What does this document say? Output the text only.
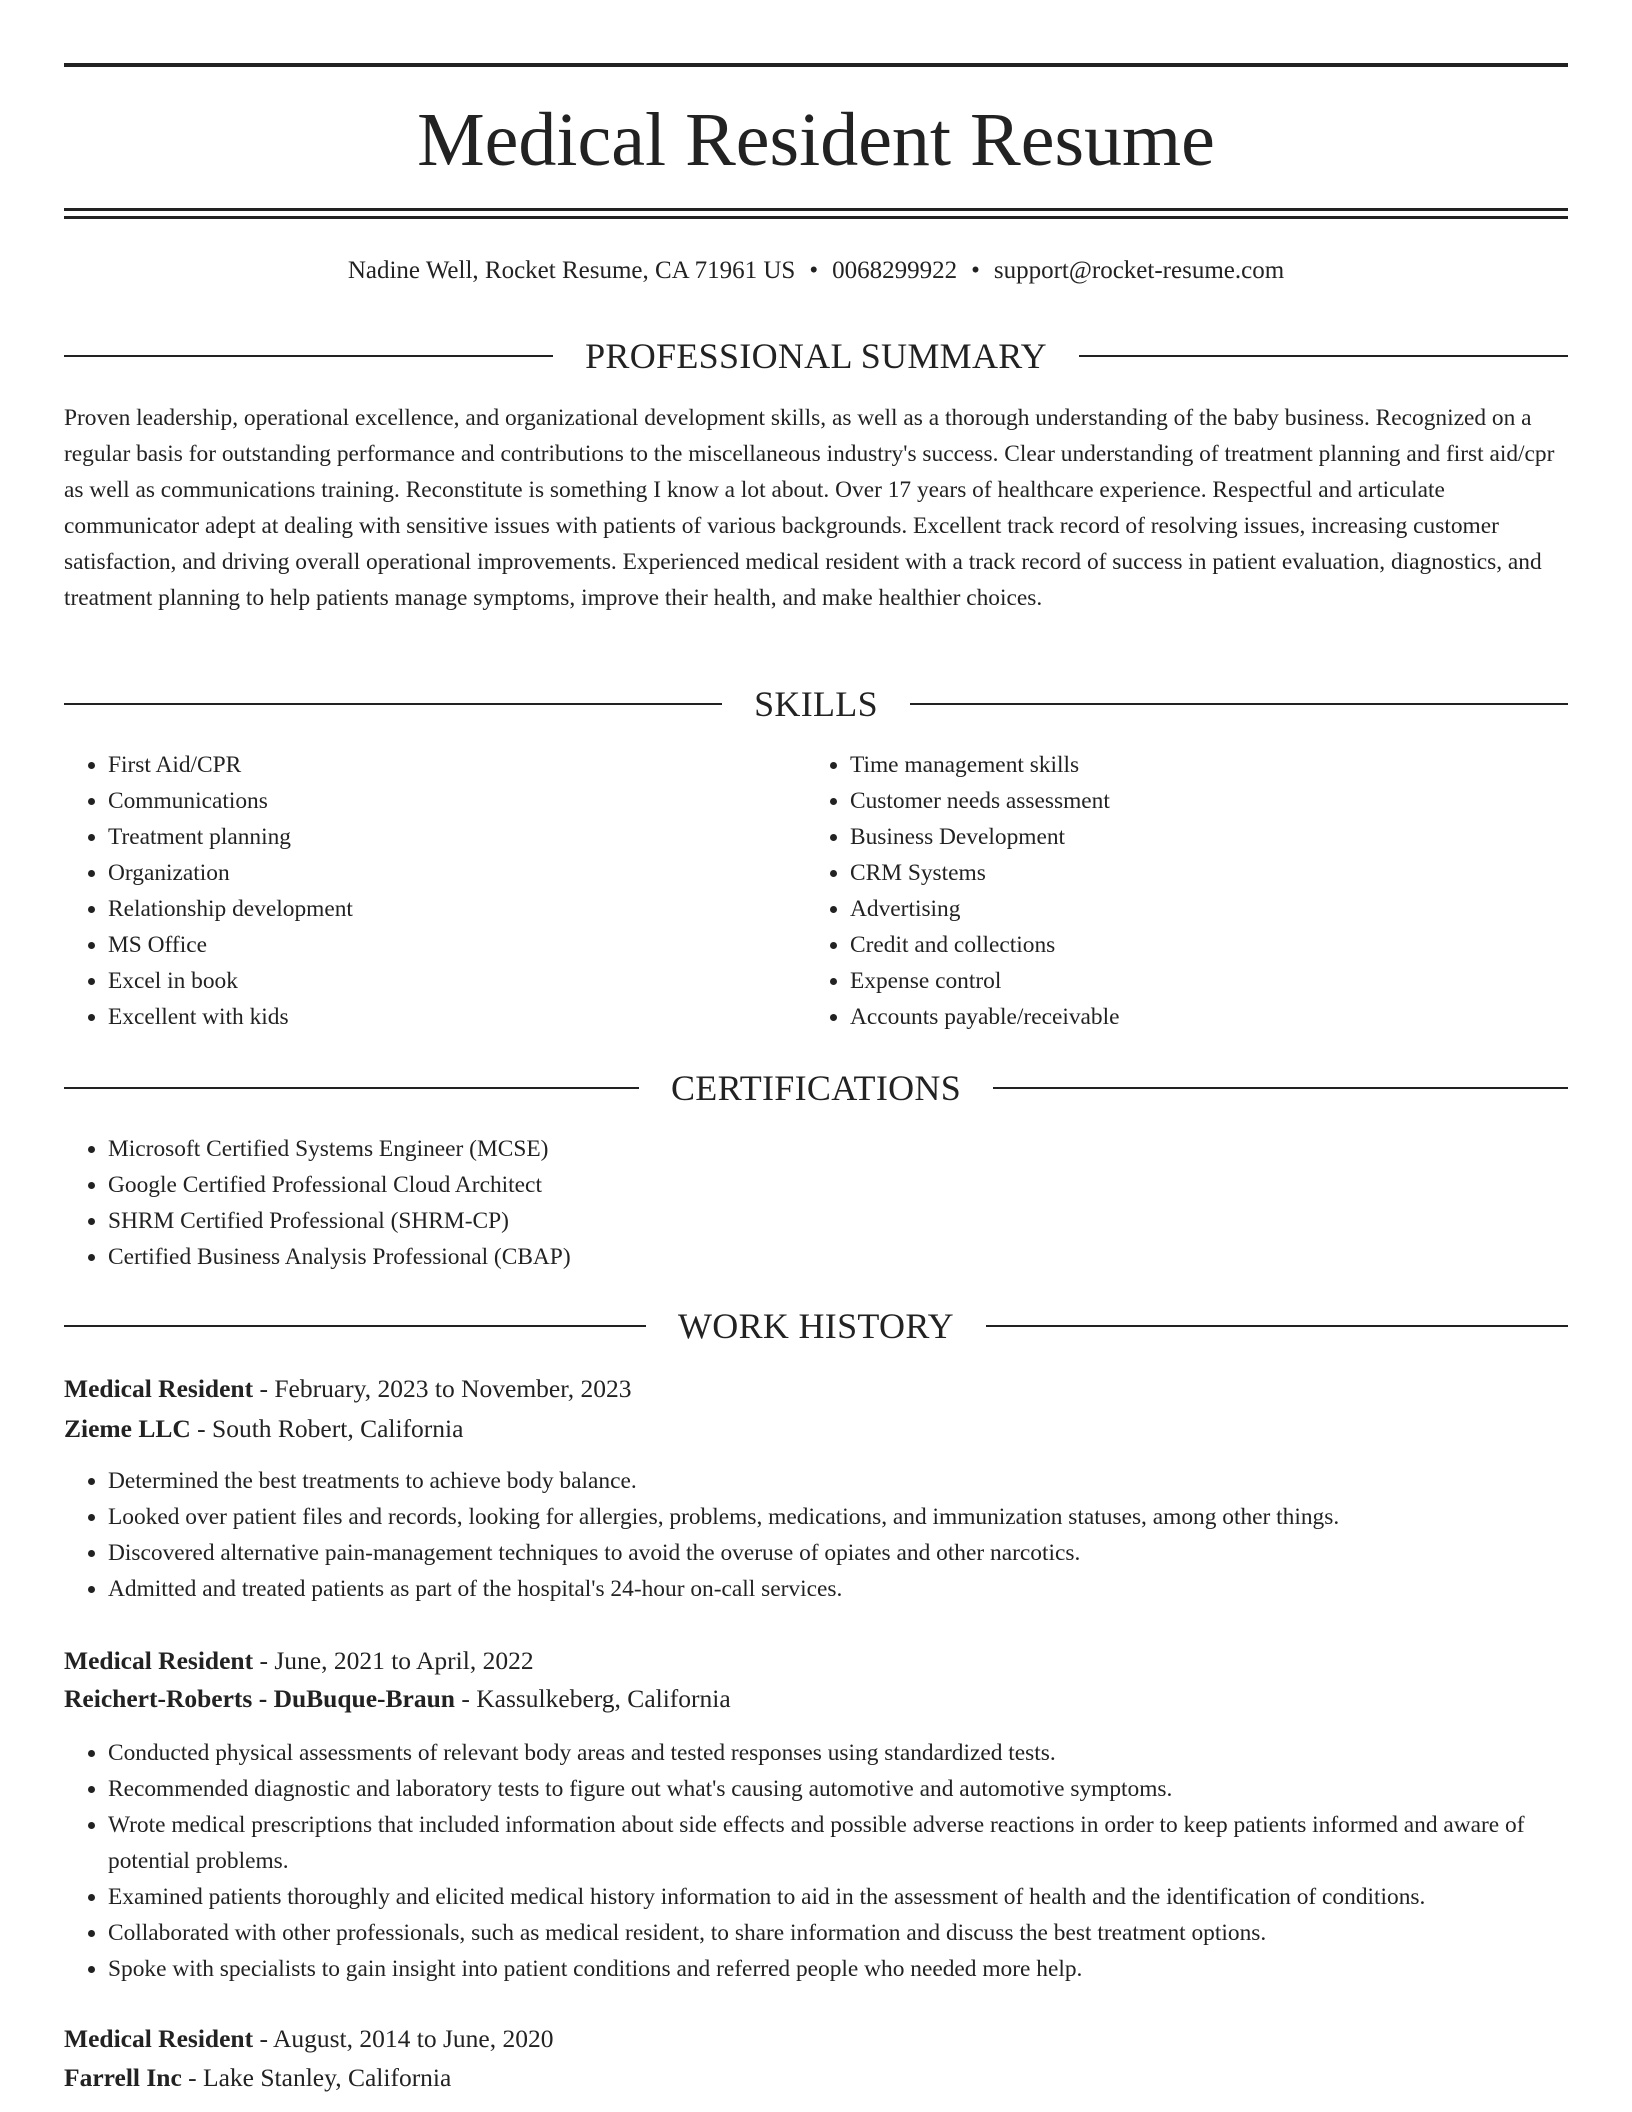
Medical Resident Resume
Nadine Well, Rocket Resume, CA 71961 US • 0068299922 • support@rocket-resume.com
PROFESSIONAL SUMMARY

Proven leadership, operational excellence, and organizational development skills, as well as a thorough understanding of the baby business. Recognized on a regular basis for outstanding performance and contributions to the miscellaneous industry's success. Clear understanding of treatment planning and first aid/cpr as well as communications training. Reconstitute is something I know a lot about. Over 17 years of healthcare experience. Respectful and articulate communicator adept at dealing with sensitive issues with patients of various backgrounds. Excellent track record of resolving issues, increasing customer satisfaction, and driving overall operational improvements. Experienced medical resident with a track record of success in patient evaluation, diagnostics, and treatment planning to help patients manage symptoms, improve their health, and make healthier choices.

SKILLS
• First Aid/CPR
• Communications
• Treatment planning
• Organization
• Relationship development
• MS Office
• Excel in book
• Excellent with kids
• Time management skills
• Customer needs assessment
• Business Development
• CRM Systems
• Advertising
• Credit and collections
• Expense control
• Accounts payable/receivable
CERTIFICATIONS
• Microsoft Certified Systems Engineer (MCSE)
• Google Certified Professional Cloud Architect
• SHRM Certified Professional (SHRM-CP)
• Certified Business Analysis Professional (CBAP)
WORK HISTORY
Medical Resident - February, 2023 to November, 2023
Zieme LLC - South Robert, California
• Determined the best treatments to achieve body balance.
• Looked over patient files and records, looking for allergies, problems, medications, and immunization statuses, among other things.
• Discovered alternative pain-management techniques to avoid the overuse of opiates and other narcotics.
• Admitted and treated patients as part of the hospital's 24-hour on-call services.
Medical Resident - June, 2021 to April, 2022
Reichert-Roberts - DuBuque-Braun - Kassulkeberg, California
• Conducted physical assessments of relevant body areas and tested responses using standardized tests.
• Recommended diagnostic and laboratory tests to figure out what's causing automotive and automotive symptoms.
• Wrote medical prescriptions that included information about side effects and possible adverse reactions in order to keep patients informed and aware of potential problems.
• Examined patients thoroughly and elicited medical history information to aid in the assessment of health and the identification of conditions.
• Collaborated with other professionals, such as medical resident, to share information and discuss the best treatment options.
• Spoke with specialists to gain insight into patient conditions and referred people who needed more help.
Medical Resident - August, 2014 to June, 2020
Farrell Inc - Lake Stanley, California
